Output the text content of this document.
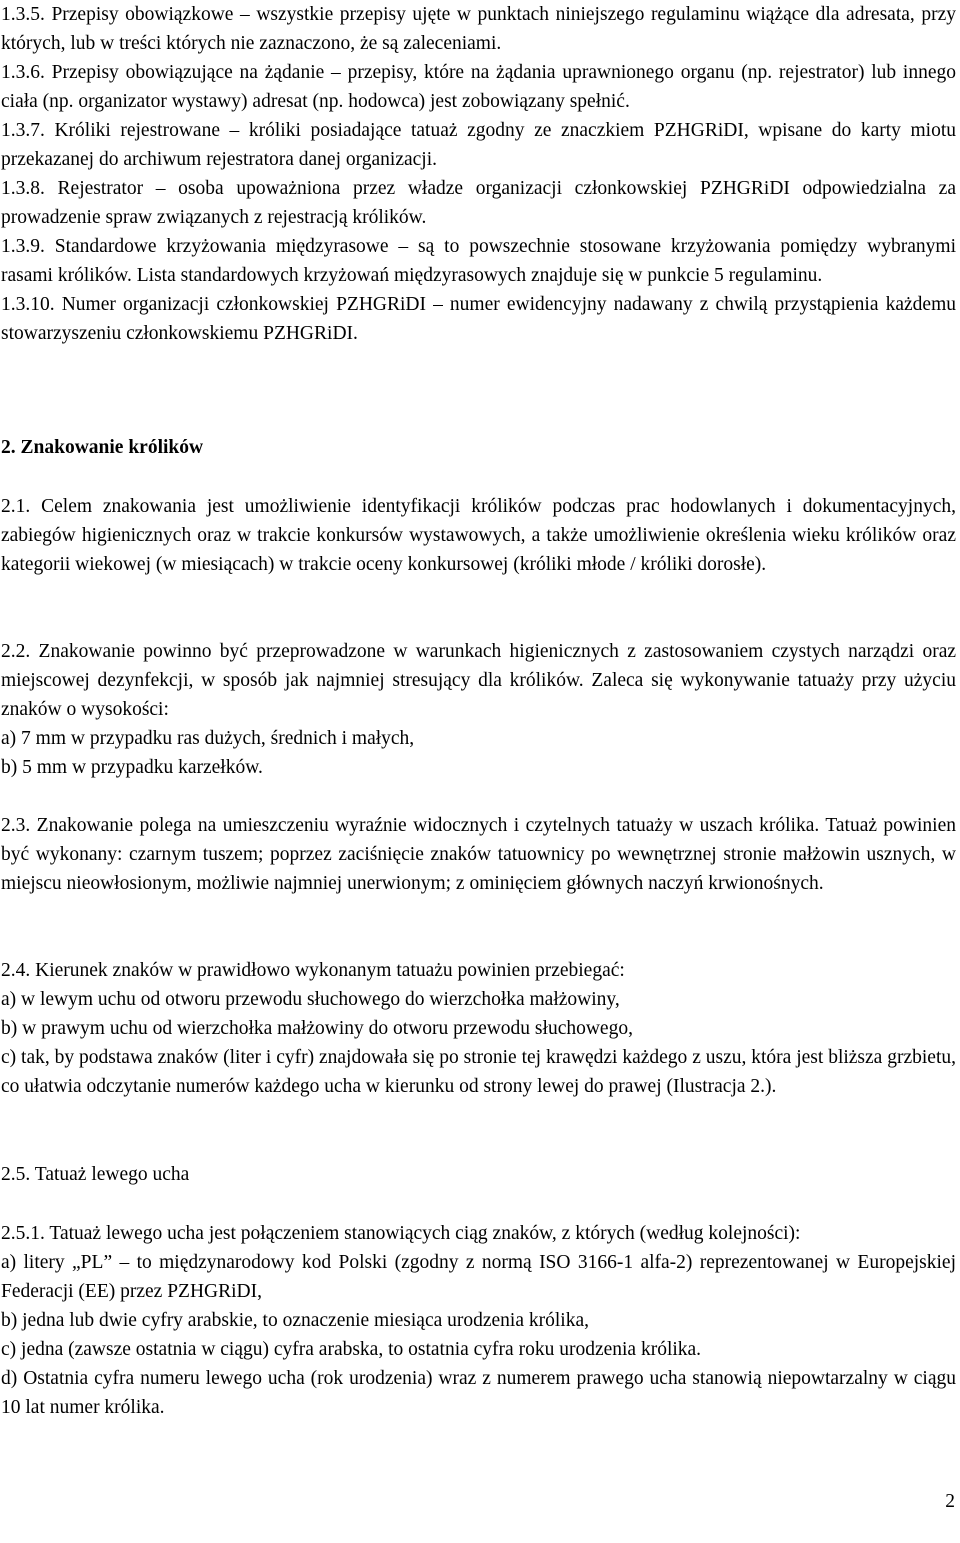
1.3.5. Przepisy obowiązkowe – wszystkie przepisy ujęte w punktach niniejszego regulaminu wiążące dla adresata, przy których, lub w treści których nie zaznaczono, że są zaleceniami.

1.3.6. Przepisy obowiązujące na żądanie – przepisy, które na żądania uprawnionego organu (np. rejestrator) lub innego ciała (np. organizator wystawy) adresat (np. hodowca) jest zobowiązany spełnić.

1.3.7. Króliki rejestrowane – króliki posiadające tatuaż zgodny ze znaczkiem PZHGRiDI, wpisane do karty miotu przekazanej do archiwum rejestratora danej organizacji.

1.3.8. Rejestrator – osoba upoważniona przez władze organizacji członkowskiej PZHGRiDI odpowiedzialna za prowadzenie spraw związanych z rejestracją królików.

1.3.9. Standardowe krzyżowania międzyrasowe – są to powszechnie stosowane krzyżowania pomiędzy wybranymi rasami królików. Lista standardowych krzyżowań międzyrasowych znajduje się w punkcie 5 regulaminu.

1.3.10. Numer organizacji członkowskiej PZHGRiDI – numer ewidencyjny nadawany z chwilą przystąpienia każdemu stowarzyszeniu członkowskiemu PZHGRiDI.

2. Znakowanie królików

2.1. Celem znakowania jest umożliwienie identyfikacji królików podczas prac hodowlanych i dokumentacyjnych, zabiegów higienicznych oraz w trakcie konkursów wystawowych, a także umożliwienie określenia wieku królików oraz kategorii wiekowej (w miesiącach) w trakcie oceny konkursowej (króliki młode / króliki dorosłe).

2.2. Znakowanie powinno być przeprowadzone w warunkach higienicznych z zastosowaniem czystych narządzi oraz miejscowej dezynfekcji, w sposób jak najmniej stresujący dla królików. Zaleca się wykonywanie tatuaży przy użyciu znaków o wysokości:

a) 7 mm w przypadku ras dużych, średnich i małych,

b) 5 mm w przypadku karzełków.

2.3. Znakowanie polega na umieszczeniu wyraźnie widocznych i czytelnych tatuaży w uszach królika. Tatuaż powinien być wykonany: czarnym tuszem; poprzez zaciśnięcie znaków tatuownicy po wewnętrznej stronie małżowin usznych, w miejscu nieowłosionym, możliwie najmniej unerwionym; z ominięciem głównych naczyń krwionośnych.

2.4. Kierunek znaków w prawidłowo wykonanym tatuażu powinien przebiegać:

a) w lewym uchu od otworu przewodu słuchowego do wierzchołka małżowiny,

b) w prawym uchu od wierzchołka małżowiny do otworu przewodu słuchowego,

c) tak, by podstawa znaków (liter i cyfr) znajdowała się po stronie tej krawędzi każdego z uszu, która jest bliższa grzbietu, co ułatwia odczytanie numerów każdego ucha w kierunku od strony lewej do prawej (Ilustracja 2.).

2.5. Tatuaż lewego ucha

2.5.1. Tatuaż lewego ucha jest połączeniem stanowiących ciąg znaków, z których (według kolejności):

a) litery „PL” – to międzynarodowy kod Polski (zgodny z normą ISO 3166-1 alfa-2) reprezentowanej w Europejskiej Federacji (EE) przez PZHGRiDI,

b) jedna lub dwie cyfry arabskie, to oznaczenie miesiąca urodzenia królika,

c) jedna (zawsze ostatnia w ciągu) cyfra arabska, to ostatnia cyfra roku urodzenia królika.

d) Ostatnia cyfra numeru lewego ucha (rok urodzenia) wraz z numerem prawego ucha stanowią niepowtarzalny w ciągu 10 lat numer królika.

2
